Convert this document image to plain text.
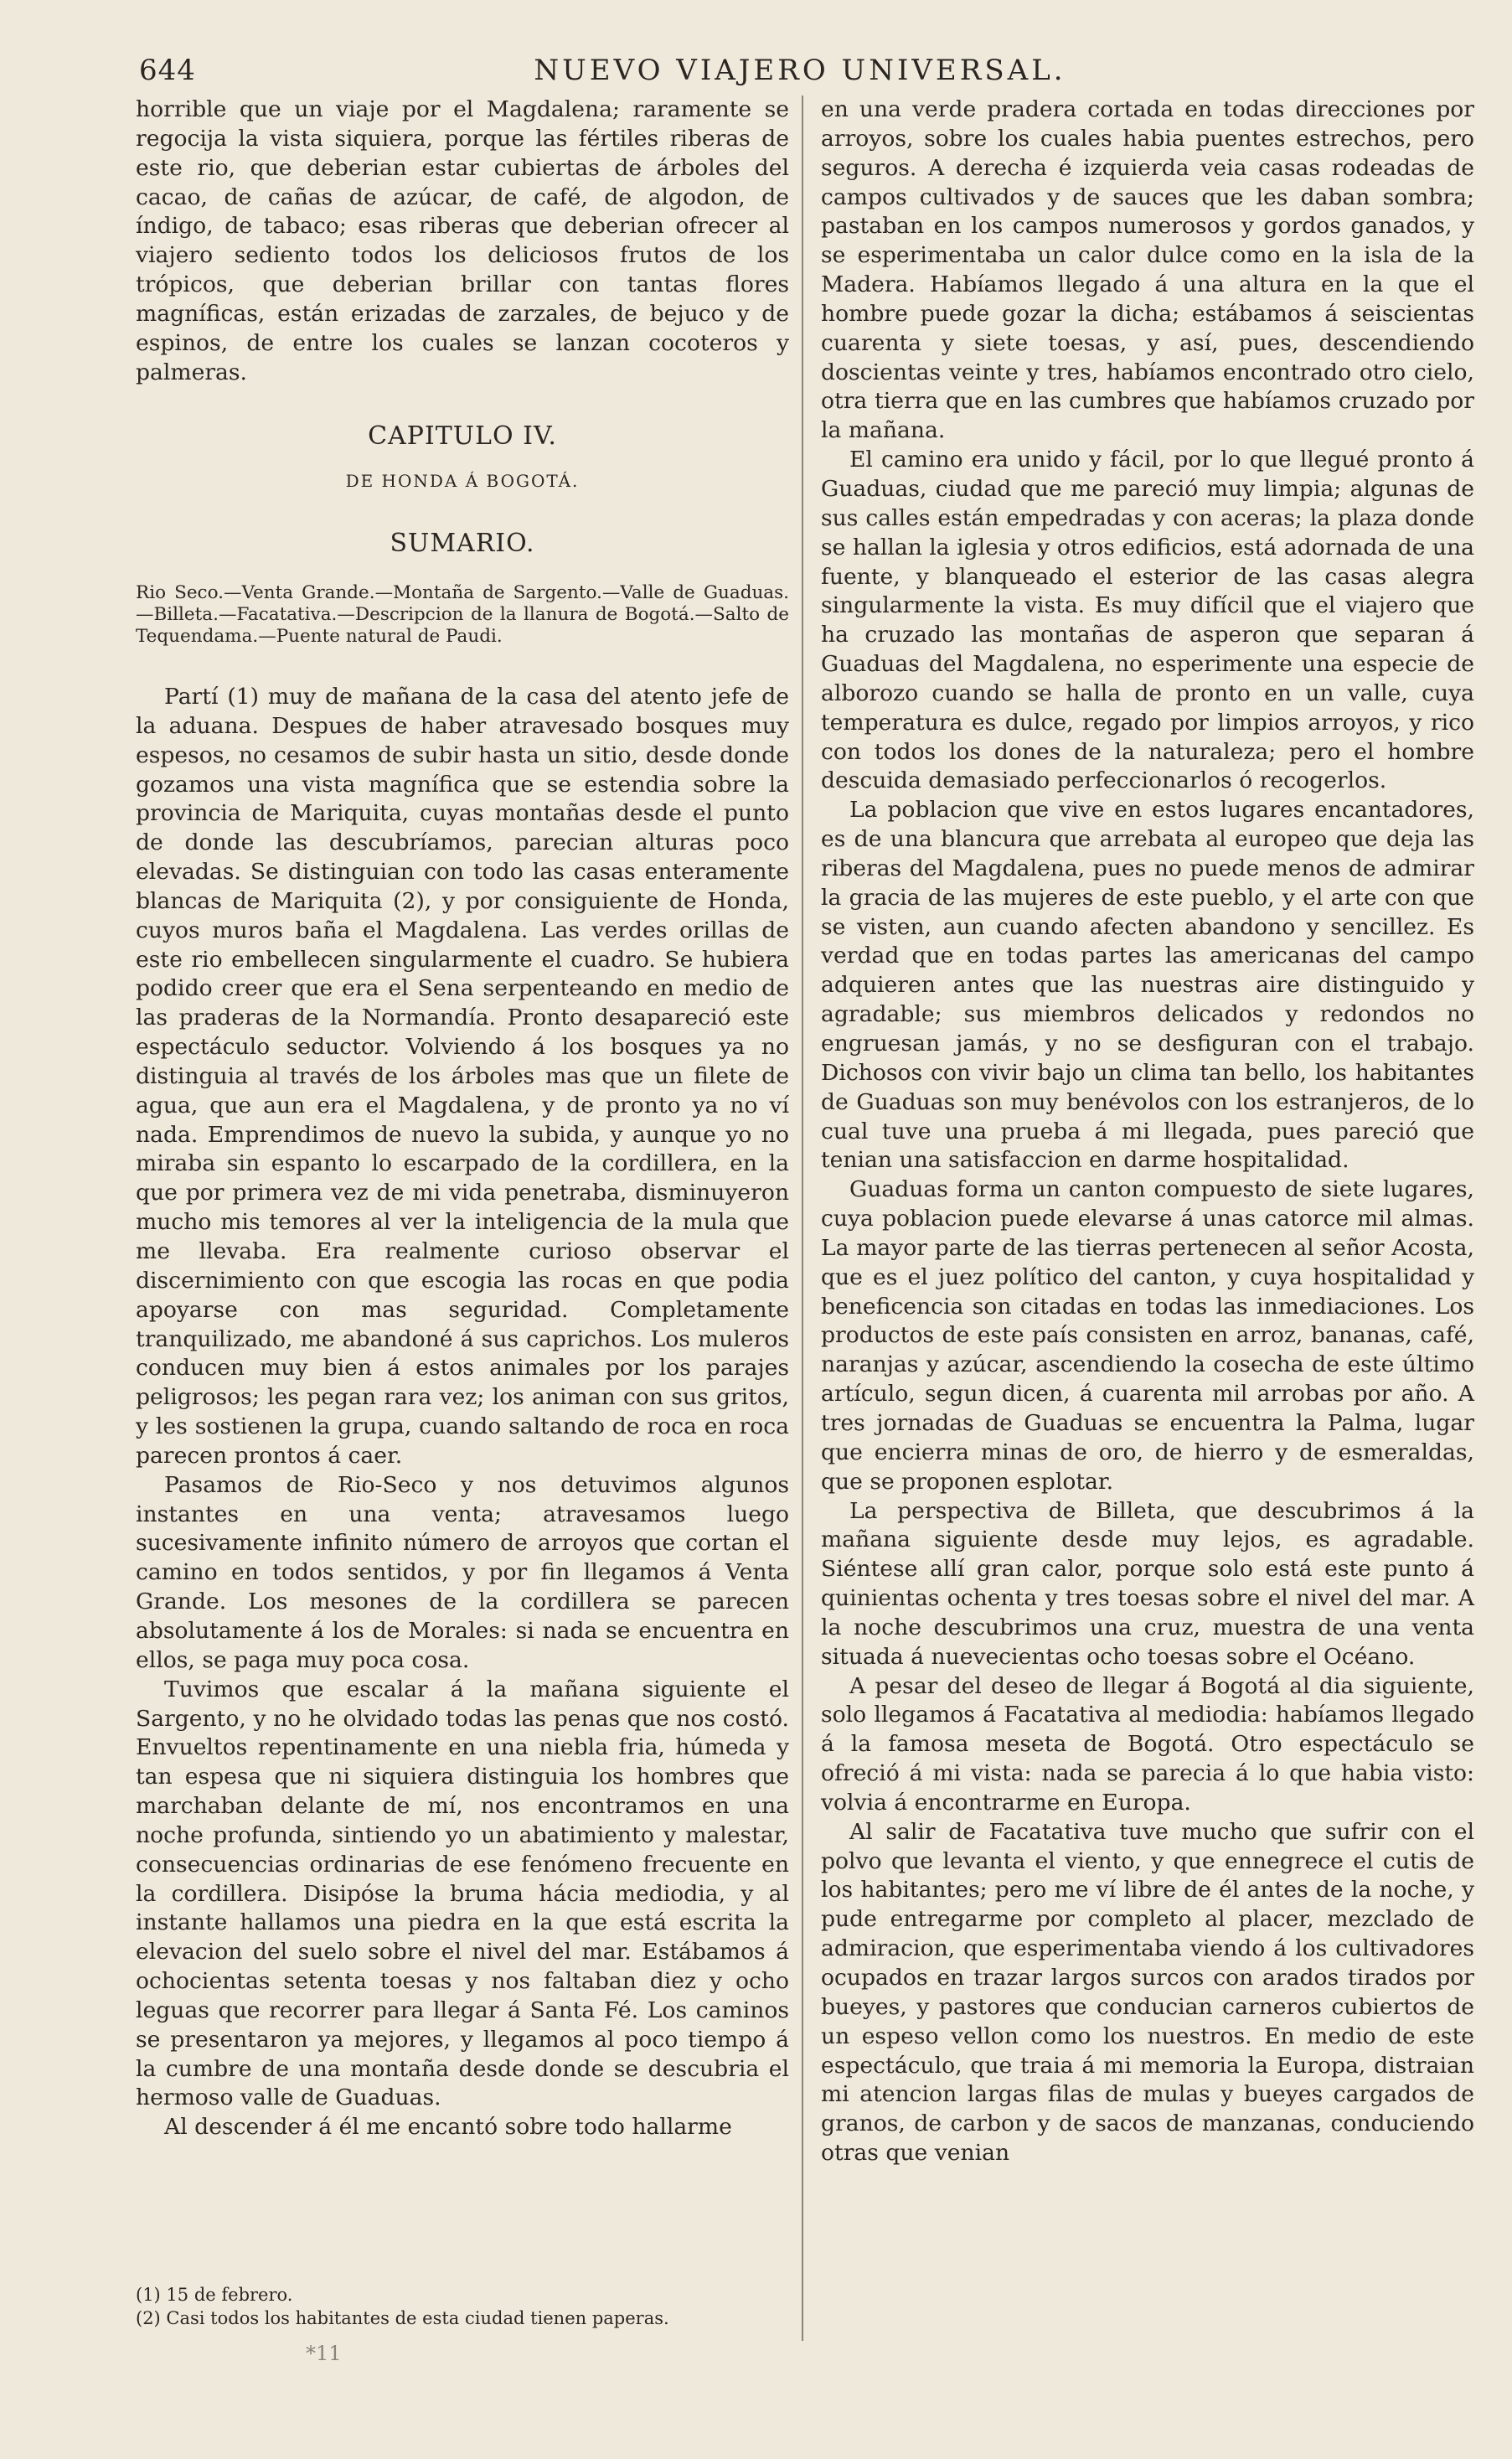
644	NUEVO VIAJERO UNIVERSAL.

horrible que un viaje por el Magdalena; raramente se regocija la vista siquiera, porque las fértiles riberas de este rio, que deberian estar cubiertas de árboles del cacao, de cañas de azúcar, de café, de algodon, de índigo, de tabaco; esas riberas que deberian ofrecer al viajero sediento todos los deliciosos frutos de los trópicos, que deberian brillar con tantas flores magníficas, están erizadas de zarzales, de bejuco y de espinos, de entre los cuales se lanzan cocoteros y palmeras.

CAPITULO IV.
DE HONDA Á BOGOTÁ.
SUMARIO.
Rio Seco.—Venta Grande.—Montaña de Sargento.—Valle de Guaduas.—Billeta.—Facatativa.—Descripcion de la llanura de Bogotá.—Salto de Tequendama.—Puente natural de Paudi.

Partí (1) muy de mañana de la casa del atento jefe de la aduana. Despues de haber atravesado bosques muy espesos, no cesamos de subir hasta un sitio, desde donde gozamos una vista magnífica que se estendia sobre la provincia de Mariquita, cuyas montañas desde el punto de donde las descubríamos, parecian alturas poco elevadas. Se distinguian con todo las casas enteramente blancas de Mariquita (2), y por consiguiente de Honda, cuyos muros baña el Magdalena. Las verdes orillas de este rio embellecen singularmente el cuadro. Se hubiera podido creer que era el Sena serpenteando en medio de las praderas de la Normandía. Pronto desapareció este espectáculo seductor. Volviendo á los bosques ya no distinguia al través de los árboles mas que un filete de agua, que aun era el Magdalena, y de pronto ya no ví nada. Emprendimos de nuevo la subida, y aunque yo no miraba sin espanto lo escarpado de la cordillera, en la que por primera vez de mi vida penetraba, disminuyeron mucho mis temores al ver la inteligencia de la mula que me llevaba. Era realmente curioso observar el discernimiento con que escogia las rocas en que podia apoyarse con mas seguridad. Completamente tranquilizado, me abandoné á sus caprichos. Los muleros conducen muy bien á estos animales por los parajes peligrosos; les pegan rara vez; los animan con sus gritos, y les sostienen la grupa, cuando saltando de roca en roca parecen prontos á caer.

Pasamos de Rio-Seco y nos detuvimos algunos instantes en una venta; atravesamos luego sucesivamente infinito número de arroyos que cortan el camino en todos sentidos, y por fin llegamos á Venta Grande. Los mesones de la cordillera se parecen absolutamente á los de Morales: si nada se encuentra en ellos, se paga muy poca cosa.

Tuvimos que escalar á la mañana siguiente el Sargento, y no he olvidado todas las penas que nos costó. Envueltos repentinamente en una niebla fria, húmeda y tan espesa que ni siquiera distinguia los hombres que marchaban delante de mí, nos encontramos en una noche profunda, sintiendo yo un abatimiento y malestar, consecuencias ordinarias de ese fenómeno frecuente en la cordillera. Disipóse la bruma hácia mediodia, y al instante hallamos una piedra en la que está escrita la elevacion del suelo sobre el nivel del mar. Estábamos á ochocientas setenta toesas y nos faltaban diez y ocho leguas que recorrer para llegar á Santa Fé. Los caminos se presentaron ya mejores, y llegamos al poco tiempo á la cumbre de una montaña desde donde se descubria el hermoso valle de Guaduas.

Al descender á él me encantó sobre todo hallarme

en una verde pradera cortada en todas direcciones por arroyos, sobre los cuales habia puentes estrechos, pero seguros. A derecha é izquierda veia casas rodeadas de campos cultivados y de sauces que les daban sombra; pastaban en los campos numerosos y gordos ganados, y se esperimentaba un calor dulce como en la isla de la Madera. Habíamos llegado á una altura en la que el hombre puede gozar la dicha; estábamos á seiscientas cuarenta y siete toesas, y así, pues, descendiendo doscientas veinte y tres, habíamos encontrado otro cielo, otra tierra que en las cumbres que habíamos cruzado por la mañana.

El camino era unido y fácil, por lo que llegué pronto á Guaduas, ciudad que me pareció muy limpia; algunas de sus calles están empedradas y con aceras; la plaza donde se hallan la iglesia y otros edificios, está adornada de una fuente, y blanqueado el esterior de las casas alegra singularmente la vista. Es muy difícil que el viajero que ha cruzado las montañas de asperon que separan á Guaduas del Magdalena, no esperimente una especie de alborozo cuando se halla de pronto en un valle, cuya temperatura es dulce, regado por limpios arroyos, y rico con todos los dones de la naturaleza; pero el hombre descuida demasiado perfeccionarlos ó recogerlos.

La poblacion que vive en estos lugares encantadores, es de una blancura que arrebata al europeo que deja las riberas del Magdalena, pues no puede menos de admirar la gracia de las mujeres de este pueblo, y el arte con que se visten, aun cuando afecten abandono y sencillez. Es verdad que en todas partes las americanas del campo adquieren antes que las nuestras aire distinguido y agradable; sus miembros delicados y redondos no engruesan jamás, y no se desfiguran con el trabajo. Dichosos con vivir bajo un clima tan bello, los habitantes de Guaduas son muy benévolos con los estranjeros, de lo cual tuve una prueba á mi llegada, pues pareció que tenian una satisfaccion en darme hospitalidad.

Guaduas forma un canton compuesto de siete lugares, cuya poblacion puede elevarse á unas catorce mil almas. La mayor parte de las tierras pertenecen al señor Acosta, que es el juez político del canton, y cuya hospitalidad y beneficencia son citadas en todas las inmediaciones. Los productos de este país consisten en arroz, bananas, café, naranjas y azúcar, ascendiendo la cosecha de este último artículo, segun dicen, á cuarenta mil arrobas por año. A tres jornadas de Guaduas se encuentra la Palma, lugar que encierra minas de oro, de hierro y de esmeraldas, que se proponen esplotar.

La perspectiva de Billeta, que descubrimos á la mañana siguiente desde muy lejos, es agradable. Siéntese allí gran calor, porque solo está este punto á quinientas ochenta y tres toesas sobre el nivel del mar. A la noche descubrimos una cruz, muestra de una venta situada á nuevecientas ocho toesas sobre el Océano.

A pesar del deseo de llegar á Bogotá al dia siguiente, solo llegamos á Facatativa al mediodia: habíamos llegado á la famosa meseta de Bogotá. Otro espectáculo se ofreció á mi vista: nada se parecia á lo que habia visto: volvia á encontrarme en Europa.

Al salir de Facatativa tuve mucho que sufrir con el polvo que levanta el viento, y que ennegrece el cutis de los habitantes; pero me ví libre de él antes de la noche, y pude entregarme por completo al placer, mezclado de admiracion, que esperimentaba viendo á los cultivadores ocupados en trazar largos surcos con arados tirados por bueyes, y pastores que conducian carneros cubiertos de un espeso vellon como los nuestros. En medio de este espectáculo, que traia á mi memoria la Europa, distraian mi atencion largas filas de mulas y bueyes cargados de granos, de carbon y de sacos de manzanas, conduciendo otras que venian

(1) 15 de febrero.
(2) Casi todos los habitantes de esta ciudad tienen paperas.
*11
